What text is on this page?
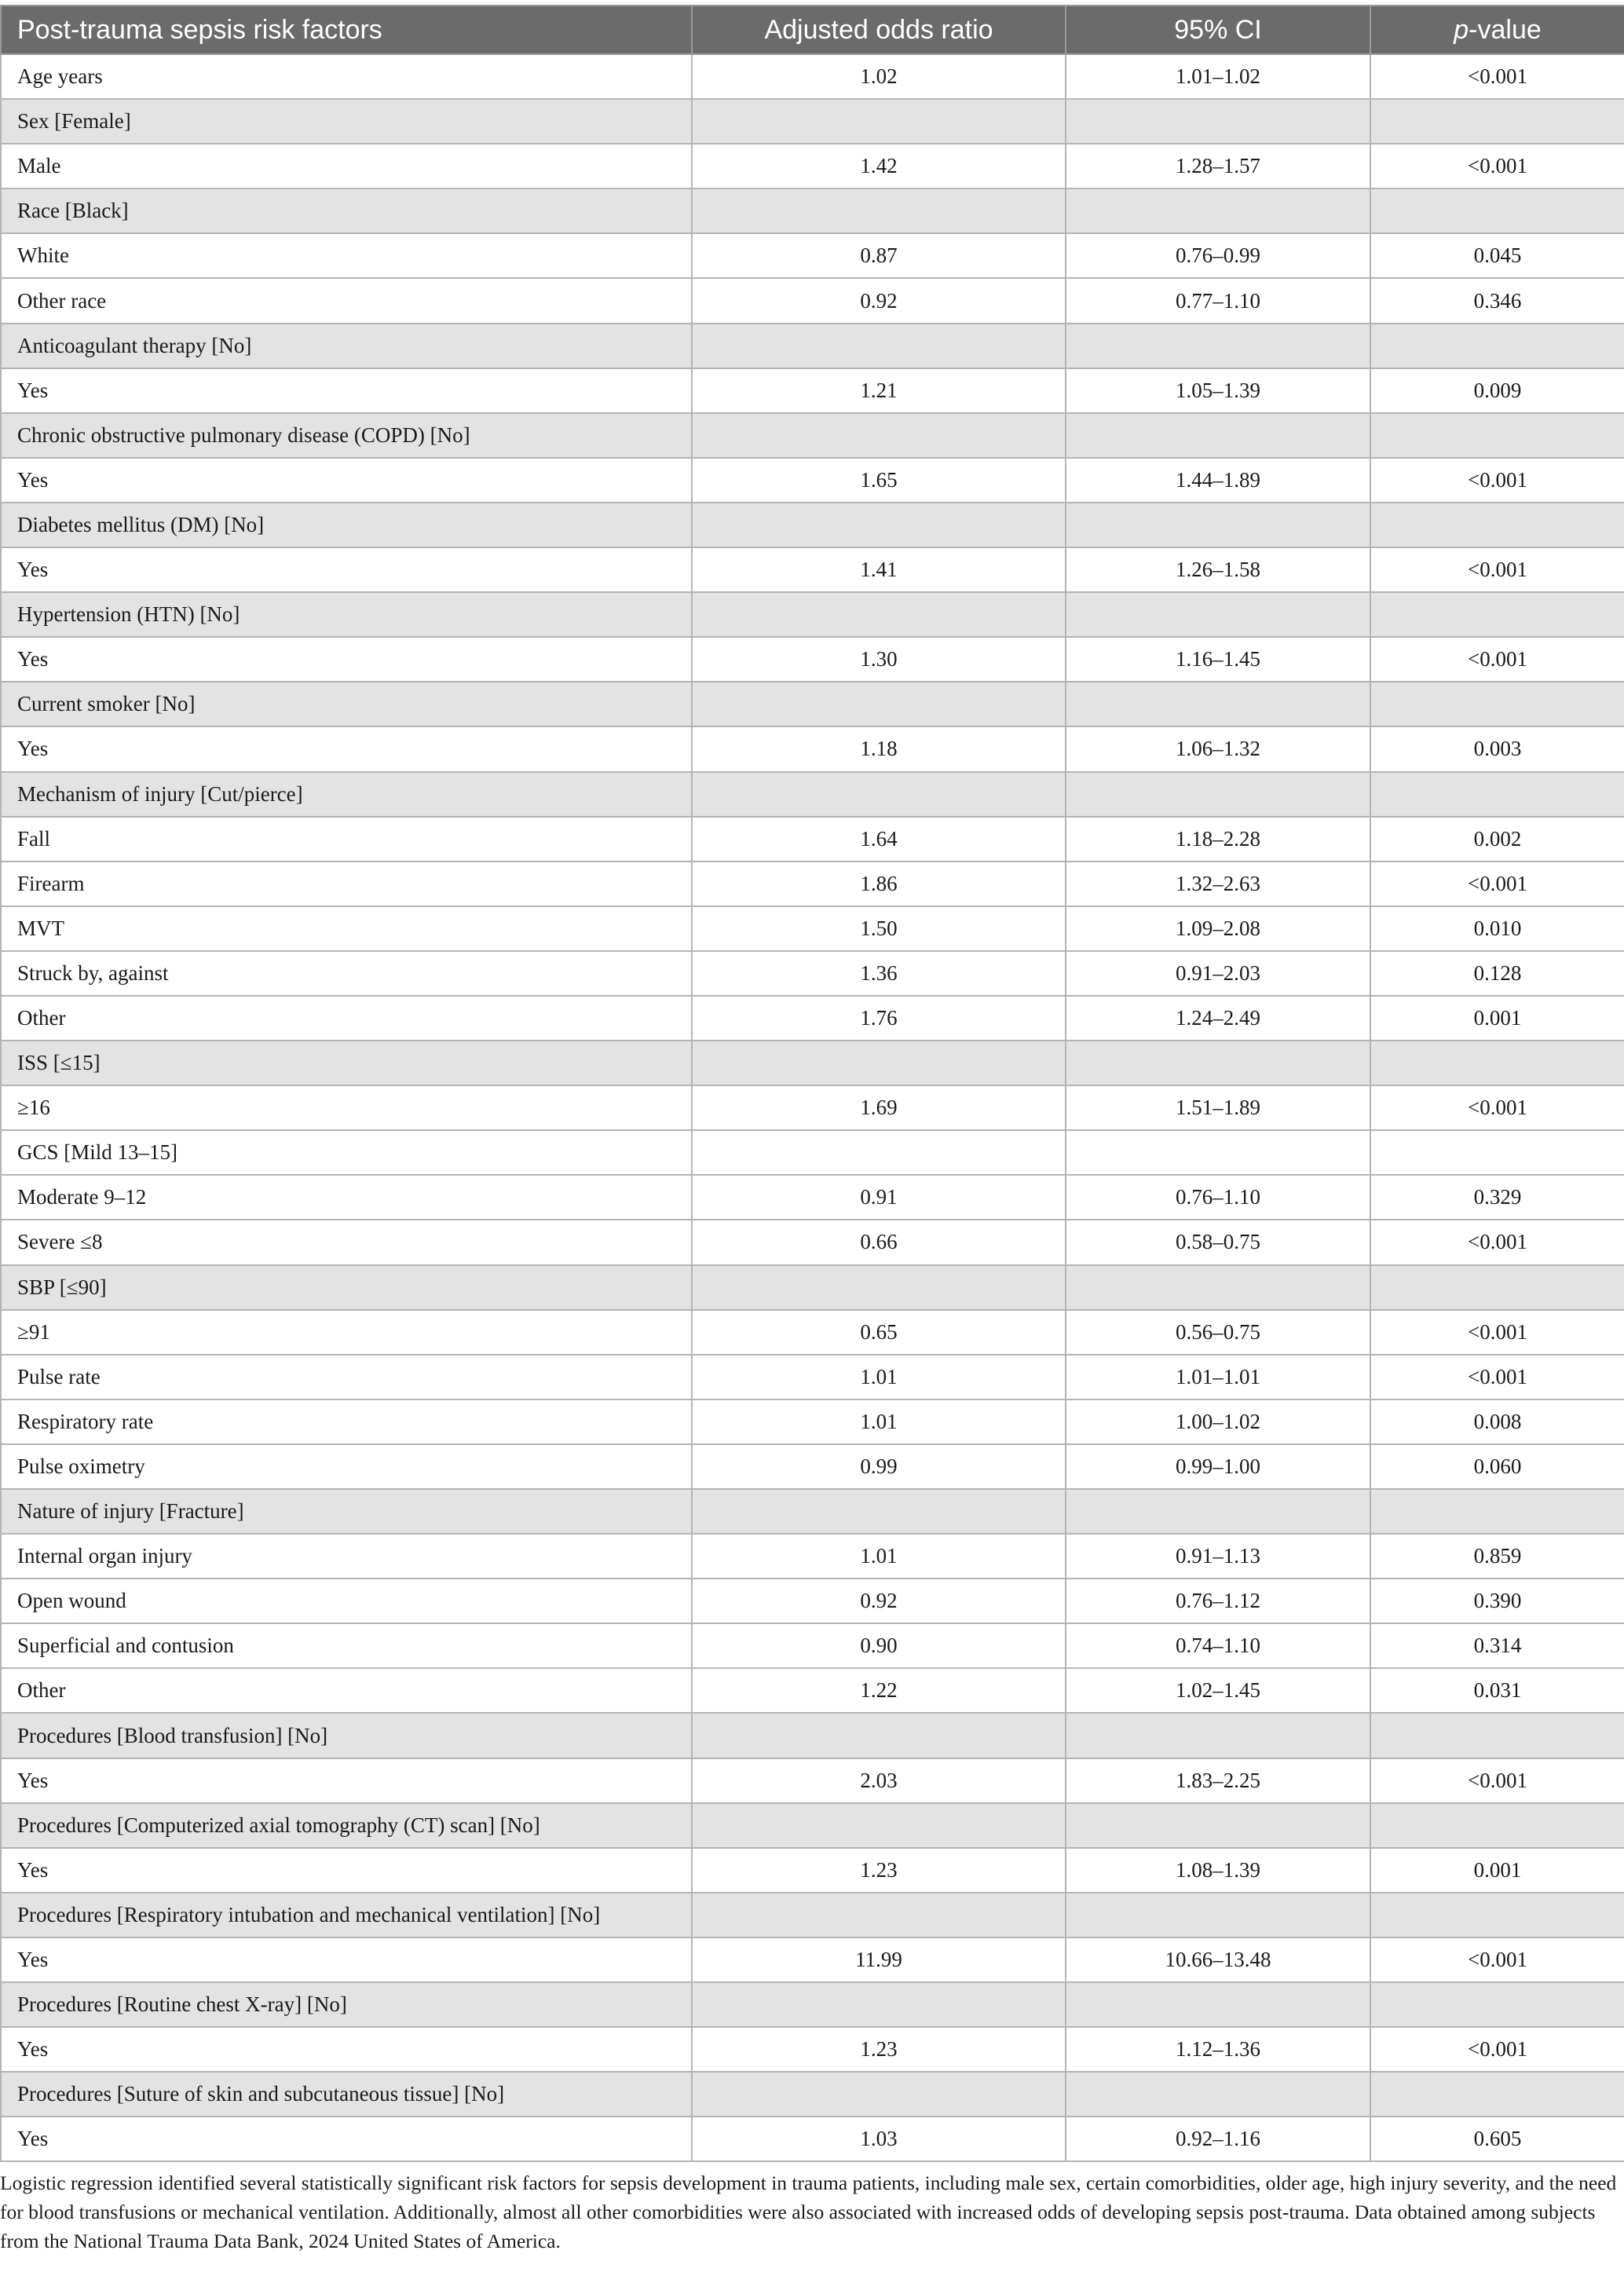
Post-trauma sepsis risk factors	Adjusted odds ratio	95% CI	p-value
Age years	1.02	1.01–1.02	<0.001
Sex [Female]			
Male	1.42	1.28–1.57	<0.001
Race [Black]			
White	0.87	0.76–0.99	0.045
Other race	0.92	0.77–1.10	0.346
Anticoagulant therapy [No]			
Yes	1.21	1.05–1.39	0.009
Chronic obstructive pulmonary disease (COPD) [No]			
Yes	1.65	1.44–1.89	<0.001
Diabetes mellitus (DM) [No]			
Yes	1.41	1.26–1.58	<0.001
Hypertension (HTN) [No]			
Yes	1.30	1.16–1.45	<0.001
Current smoker [No]			
Yes	1.18	1.06–1.32	0.003
Mechanism of injury [Cut/pierce]			
Fall	1.64	1.18–2.28	0.002
Firearm	1.86	1.32–2.63	<0.001
MVT	1.50	1.09–2.08	0.010
Struck by, against	1.36	0.91–2.03	0.128
Other	1.76	1.24–2.49	0.001
ISS [≤15]			
≥16	1.69	1.51–1.89	<0.001
GCS [Mild 13–15]			
Moderate 9–12	0.91	0.76–1.10	0.329
Severe ≤8	0.66	0.58–0.75	<0.001
SBP [≤90]			
≥91	0.65	0.56–0.75	<0.001
Pulse rate	1.01	1.01–1.01	<0.001
Respiratory rate	1.01	1.00–1.02	0.008
Pulse oximetry	0.99	0.99–1.00	0.060
Nature of injury [Fracture]			
Internal organ injury	1.01	0.91–1.13	0.859
Open wound	0.92	0.76–1.12	0.390
Superficial and contusion	0.90	0.74–1.10	0.314
Other	1.22	1.02–1.45	0.031
Procedures [Blood transfusion] [No]			
Yes	2.03	1.83–2.25	<0.001
Procedures [Computerized axial tomography (CT) scan] [No]			
Yes	1.23	1.08–1.39	0.001
Procedures [Respiratory intubation and mechanical ventilation] [No]			
Yes	11.99	10.66–13.48	<0.001
Procedures [Routine chest X-ray] [No]			
Yes	1.23	1.12–1.36	<0.001
Procedures [Suture of skin and subcutaneous tissue] [No]			
Yes	1.03	0.92–1.16	0.605
Logistic regression identified several statistically significant risk factors for sepsis development in trauma patients, including male sex, certain comorbidities, older age, high injury severity, and the need for blood transfusions or mechanical ventilation. Additionally, almost all other comorbidities were also associated with increased odds of developing sepsis post-trauma. Data obtained among subjects from the National Trauma Data Bank, 2024 United States of America.
